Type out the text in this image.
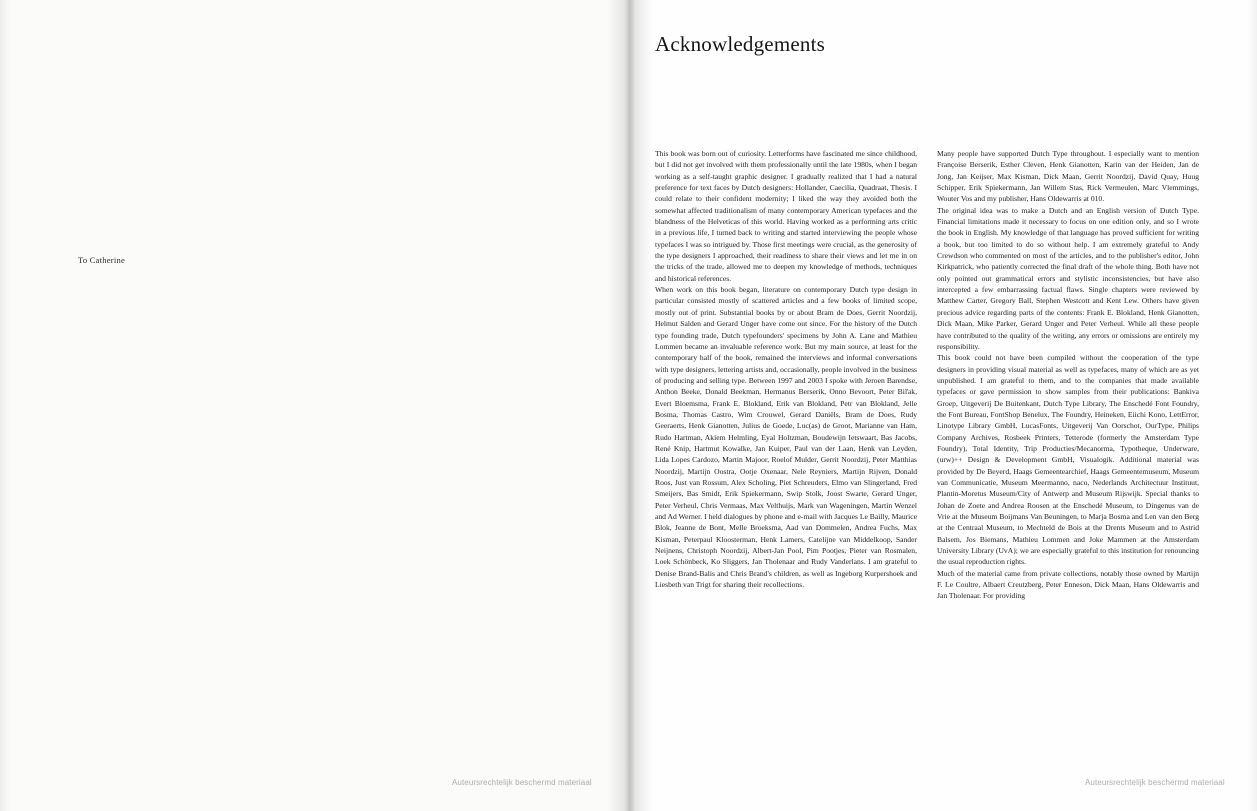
To Catherine
Auteursrechtelijk beschermd materiaal
Acknowledgements

This book was born out of curiosity. Letterforms have fascinated me since childhood, but I did not get involved with them professionally until the late 1980s, when I began working as a self-taught graphic designer. I gradually realized that I had a natural preference for text faces by Dutch designers: Hollander, Caecilia, Quadraat, Thesis. I could relate to their confident modernity; I liked the way they avoided both the somewhat affected traditionalism of many contemporary American typefaces and the blandness of the Helveticas of this world. Having worked as a performing arts critic in a previous life, I turned back to writing and started interviewing the people whose typefaces I was so intrigued by. Those first meetings were crucial, as the generosity of the type designers I approached, their readiness to share their views and let me in on the tricks of the trade, allowed me to deepen my knowledge of methods, techniques and historical references.

When work on this book began, literature on contemporary Dutch type design in particular consisted mostly of scattered articles and a few books of limited scope, mostly out of print. Substantial books by or about Bram de Does, Gerrit Noordzij, Helmut Salden and Gerard Unger have come out since. For the history of the Dutch type founding trade, Dutch typefounders' specimens by John A. Lane and Mathieu Lommen became an invaluable reference work. But my main source, at least for the contemporary half of the book, remained the interviews and informal conversations with type designers, lettering artists and, occasionally, people involved in the business of producing and selling type. Between 1997 and 2003 I spoke with Jeroen Barendse, Anthon Beeke, Donald Beekman, Hermanus Berserik, Onno Bevoort, Peter Biľak, Evert Bloemsma, Frank E. Blokland, Erik van Blokland, Petr van Blokland, Jelle Bosma, Thomas Castro, Wim Crouwel, Gerard Daniëls, Bram de Does, Rudy Geeraerts, Henk Gianotten, Julius de Goede, Luc(as) de Groot, Marianne van Ham, Rudo Hartman, Akiem Helmling, Eyal Holtzman, Boudewijn Ietswaart, Bas Jacobs, René Knip, Hartmut Kowalke, Jan Kuiper, Paul van der Laan, Henk van Leyden, Lida Lopes Cardozo, Martin Majoor, Roelof Mulder, Gerrit Noordzij, Peter Matthias Noordzij, Martijn Oostra, Ootje Oxenaar, Nele Reyniers, Martijn Rijven, Donald Roos, Just van Rossum, Alex Scholing, Piet Schreuders, Elmo van Slingerland, Fred Smeijers, Bas Smidt, Erik Spiekermann, Swip Stolk, Joost Swarte, Gerard Unger, Peter Verheul, Chris Vermaas, Max Velthuijs, Mark van Wageningen, Martin Wenzel and Ad Werner. I held dialogues by phone and e-mail with Jacques Le Bailly, Maurice Blok, Jeanne de Bont, Melle Broeksma, Aad van Dommelen, Andrea Fuchs, Max Kisman, Peterpaul Kloosterman, Henk Lamers, Catelijne van Middelkoop, Sander Neijnens, Christoph Noordzij, Albert-Jan Pool, Pim Pootjes, Pieter van Rosmalen, Loek Schönbeck, Ko Sliggers, Jan Tholenaar and Rudy Vanderlans. I am grateful to Denise Brand-Balis and Chris Brand's children, as well as Ingeborg Kurpershoek and Liesbeth van Trigt for sharing their recollections.

Many people have supported Dutch Type throughout. I especially want to mention Françoise Berserik, Esther Cleven, Henk Gianotten, Karin van der Heiden, Jan de Jong, Jan Keijser, Max Kisman, Dick Maan, Gerrit Noordzij, David Quay, Huug Schipper, Erik Spiekermann, Jan Willem Stas, Rick Vermeulen, Marc Vlemmings, Wouter Vos and my publisher, Hans Oldewarris at 010.

The original idea was to make a Dutch and an English version of Dutch Type. Financial limitations made it necessary to focus on one edition only, and so I wrote the book in English. My knowledge of that language has proved sufficient for writing a book, but too limited to do so without help. I am extremely grateful to Andy Crewdson who commented on most of the articles, and to the publisher's editor, John Kirkpatrick, who patiently corrected the final draft of the whole thing. Both have not only pointed out grammatical errors and stylistic inconsistencies, but have also intercepted a few embarrassing factual flaws. Single chapters were reviewed by Matthew Carter, Gregory Ball, Stephen Westcott and Kent Lew. Others have given precious advice regarding parts of the contents: Frank E. Blokland, Henk Gianotten, Dick Maan, Mike Parker, Gerard Unger and Peter Verheul. While all these people have contributed to the quality of the writing, any errors or omissions are entirely my responsibility.

This book could not have been compiled without the cooperation of the type designers in providing visual material as well as typefaces, many of which are as yet unpublished. I am grateful to them, and to the companies that made available typefaces or gave permission to show samples from their publications: Bankiva Groep, Uitgeverij De Buitenkant, Dutch Type Library, The Enschedé Font Foundry, the Font Bureau, FontShop Benelux, The Foundry, Heineken, Eiichi Kono, LettError, Linotype Library GmbH, LucasFonts, Uitgeverij Van Oorschot, OurType, Philips Company Archives, Rosbeek Printers, Tetterode (formerly the Amsterdam Type Foundry), Total Identity, Trip Producties/Mecanorma, Typotheque, Underware, (urw)++ Design & Development GmbH, Visualogik. Additional material was provided by De Beyerd, Haags Gemeentearchief, Haags Gemeentemuseum, Museum van Communicatie, Museum Meermanno, naco, Nederlands Architectuur Instituut, Plantin-Moretus Museum/City of Antwerp and Museum Rijswijk. Special thanks to Johan de Zoete and Andrea Roosen at the Enschedé Museum, to Dingenus van de Vrie at the Museum Boijmans Van Beuningen, to Marja Bosma and Len van den Berg at the Centraal Museum, to Mechteld de Bois at the Drents Museum and to Astrid Balsem, Jos Biemans, Mathieu Lommen and Joke Mammen at the Amsterdam University Library (UvA); we are especially grateful to this institution for renouncing the usual reproduction rights.

Much of the material came from private collections, notably those owned by Martijn F. Le Coultre, Albaert Creutzberg, Peter Enneson, Dick Maan, Hans Oldewarris and Jan Tholenaar. For providing

Auteursrechtelijk beschermd materiaal
